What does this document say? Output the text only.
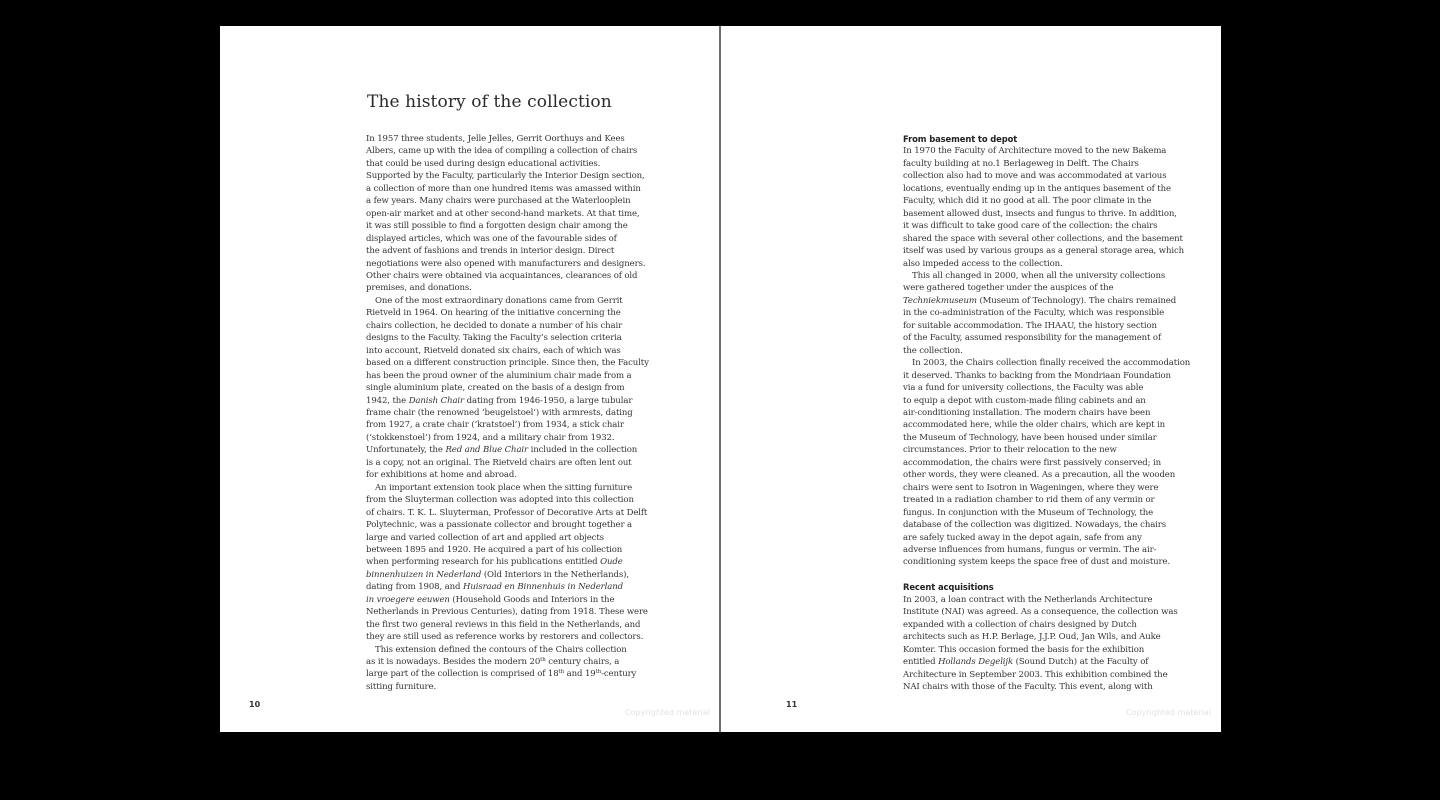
The history of the collection

In 1957 three students, Jelle Jelles, Gerrit Oorthuys and Kees
Albers, came up with the idea of compiling a collection of chairs
that could be used during design educational activities.
Supported by the Faculty, particularly the Interior Design section,
a collection of more than one hundred items was amassed within
a few years. Many chairs were purchased at the Waterlooplein
open-air market and at other second-hand markets. At that time,
it was still possible to find a forgotten design chair among the
displayed articles, which was one of the favourable sides of
the advent of fashions and trends in interior design. Direct
negotiations were also opened with manufacturers and designers.
Other chairs were obtained via acquaintances, clearances of old
premises, and donations.

One of the most extraordinary donations came from Gerrit
Rietveld in 1964. On hearing of the initiative concerning the
chairs collection, he decided to donate a number of his chair
designs to the Faculty. Taking the Faculty’s selection criteria
into account, Rietveld donated six chairs, each of which was
based on a different construction principle. Since then, the Faculty
has been the proud owner of the aluminium chair made from a
single aluminium plate, created on the basis of a design from
1942, the Danish Chair dating from 1946-1950, a large tubular
frame chair (the renowned ‘beugelstoel’) with armrests, dating
from 1927, a crate chair (‘kratstoel’) from 1934, a stick chair
(‘stokkenstoel’) from 1924, and a military chair from 1932.
Unfortunately, the Red and Blue Chair included in the collection
is a copy, not an original. The Rietveld chairs are often lent out
for exhibitions at home and abroad.

An important extension took place when the sitting furniture
from the Sluyterman collection was adopted into this collection
of chairs. T. K. L. Sluyterman, Professor of Decorative Arts at Delft
Polytechnic, was a passionate collector and brought together a
large and varied collection of art and applied art objects
between 1895 and 1920. He acquired a part of his collection
when performing research for his publications entitled Oude
binnenhuizen in Nederland (Old Interiors in the Netherlands),
dating from 1908, and Huisraad en Binnenhuis in Nederland
in vroegere eeuwen (Household Goods and Interiors in the
Netherlands in Previous Centuries), dating from 1918. These were
the first two general reviews in this field in the Netherlands, and
they are still used as reference works by restorers and collectors.

This extension defined the contours of the Chairs collection
as it is nowadays. Besides the modern 20th century chairs, a
large part of the collection is comprised of 18th and 19th-century
sitting furniture.

10
Copyrighted material
From basement to depot

In 1970 the Faculty of Architecture moved to the new Bakema
faculty building at no.1 Berlageweg in Delft. The Chairs
collection also had to move and was accommodated at various
locations, eventually ending up in the antiques basement of the
Faculty, which did it no good at all. The poor climate in the
basement allowed dust, insects and fungus to thrive. In addition,
it was difficult to take good care of the collection: the chairs
shared the space with several other collections, and the basement
itself was used by various groups as a general storage area, which
also impeded access to the collection.

This all changed in 2000, when all the university collections
were gathered together under the auspices of the
Techniekmuseum (Museum of Technology). The chairs remained
in the co-administration of the Faculty, which was responsible
for suitable accommodation. The IHAAU, the history section
of the Faculty, assumed responsibility for the management of
the collection.

In 2003, the Chairs collection finally received the accommodation
it deserved. Thanks to backing from the Mondriaan Foundation
via a fund for university collections, the Faculty was able
to equip a depot with custom-made filing cabinets and an
air-conditioning installation. The modern chairs have been
accommodated here, while the older chairs, which are kept in
the Museum of Technology, have been housed under similar
circumstances. Prior to their relocation to the new
accommodation, the chairs were first passively conserved; in
other words, they were cleaned. As a precaution, all the wooden
chairs were sent to Isotron in Wageningen, where they were
treated in a radiation chamber to rid them of any vermin or
fungus. In conjunction with the Museum of Technology, the
database of the collection was digitized. Nowadays, the chairs
are safely tucked away in the depot again, safe from any
adverse influences from humans, fungus or vermin. The air-
conditioning system keeps the space free of dust and moisture.

Recent acquisitions

In 2003, a loan contract with the Netherlands Architecture
Institute (NAI) was agreed. As a consequence, the collection was
expanded with a collection of chairs designed by Dutch
architects such as H.P. Berlage, J.J.P. Oud, Jan Wils, and Auke
Komter. This occasion formed the basis for the exhibition
entitled Hollands Degelijk (Sound Dutch) at the Faculty of
Architecture in September 2003. This exhibition combined the
NAI chairs with those of the Faculty. This event, along with

11
Copyrighted material
